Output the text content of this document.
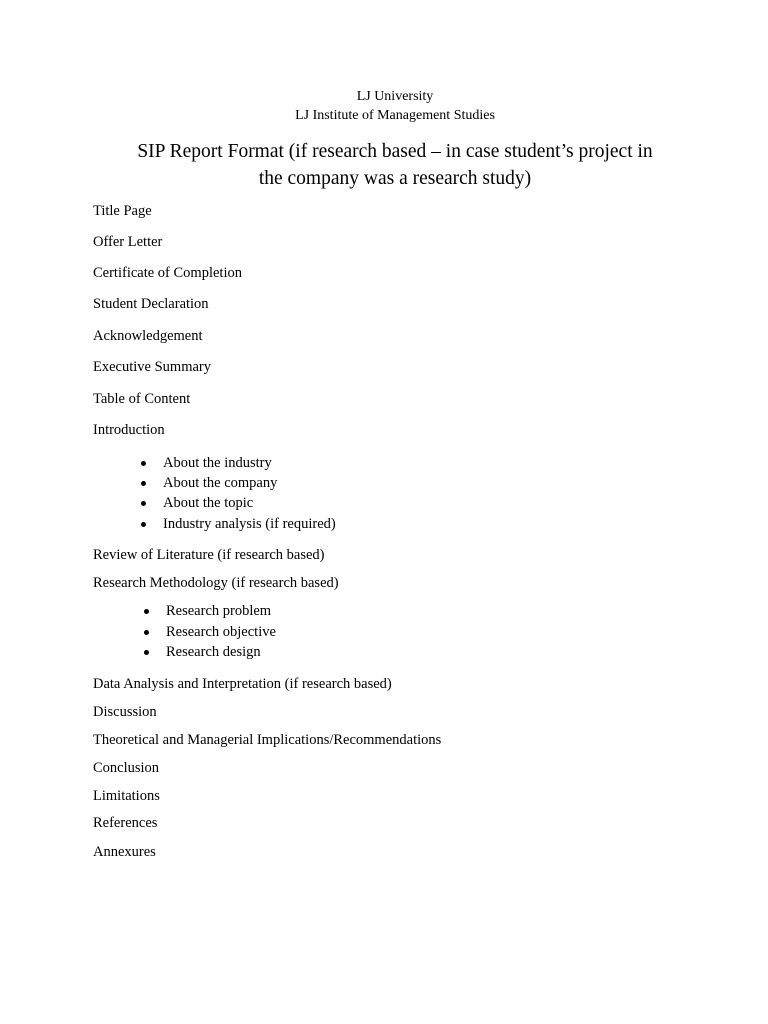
LJ University
LJ Institute of Management Studies
SIP Report Format (if research based – in case student’s project in
the company was a research study)
Title Page
Offer Letter
Certificate of Completion
Student Declaration
Acknowledgement
Executive Summary
Table of Content
Introduction
About the industry
About the company
About the topic
Industry analysis (if required)
Review of Literature (if research based)
Research Methodology (if research based)
Research problem
Research objective
Research design
Data Analysis and Interpretation (if research based)
Discussion
Theoretical and Managerial Implications/Recommendations
Conclusion
Limitations
References
Annexures
